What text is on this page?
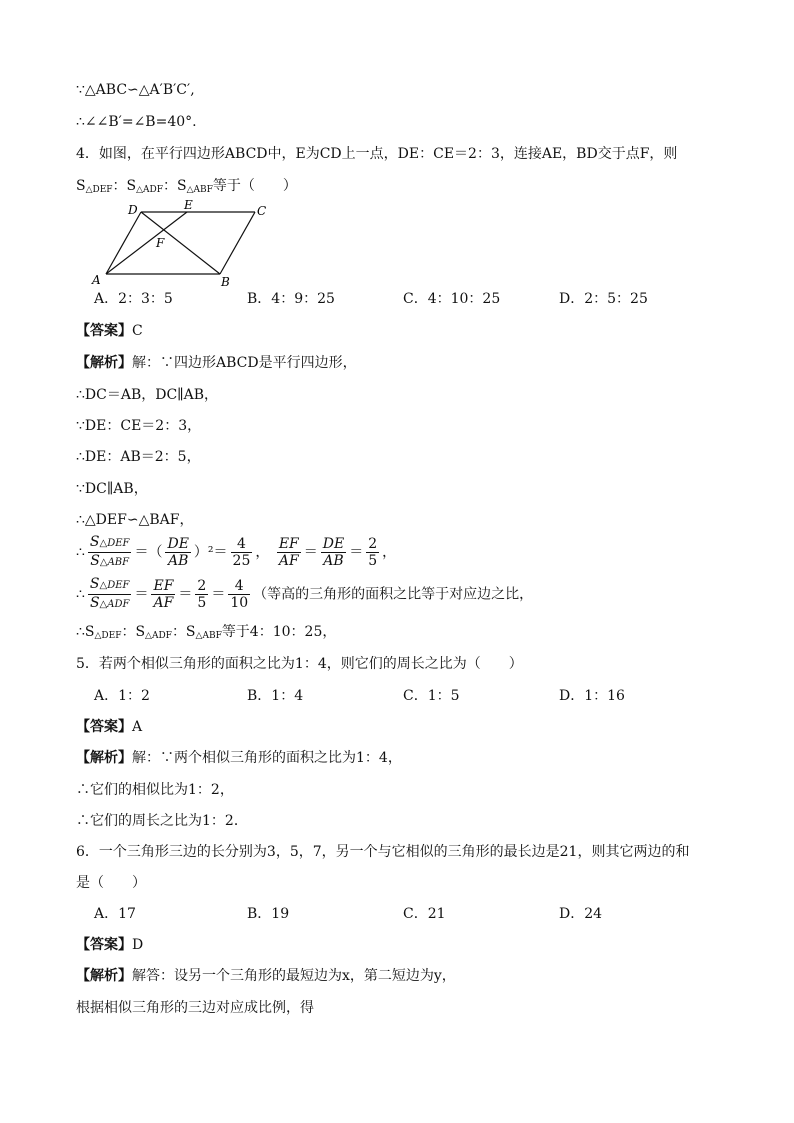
∵△ABC∽△A′B′C′,
∴∠∠B′=∠B=40°.
4．如图，在平行四边形ABCD中，E为CD上一点，DE：CE＝2：3，连接AE，BD交于点F，则
$S_{\triangle DEF}$：$S_{\triangle ADF}$：$S_{\triangle ABF}$等于（　　）
A	B
C
D	E
F
A．2：3：5	B．4：9：25	C．4：10：25	D．2：5：25
【答案】C
【解析】解：∵四边形ABCD是平行四边形，
∴DC＝AB，DC∥AB，
∵DE：CE＝2：3，
∴DE：AB＝2：5，
∵DC∥AB，
∴△DEF∽△BAF，
∴ $\frac{\text{S△DEF}}{\text{S△ABF}}$ ＝（ $\frac{DE}{AB} )^2= \frac{4}{25}$ ， $\frac{EF}{AF} = \frac{DE}{AB} = \frac{2}{5}$ ，
∴ $\frac{\text{S△DEF}}{\text{S△ADF}} = \frac{EF}{AF} = \frac{2}{5} = \frac{4}{10}$ （等高的三角形的面积之比等于对应边之比，
$\therefore S_{\triangle DEF}$：$S_{\triangle ADF}$：$S_{\triangle ABF}$等于4：10：25，
5．若两个相似三角形的面积之比为1：4，则它们的周长之比为（　　）
A．1：2	B．1：4	C．1：5	D．1：16
【答案】A
【解析】解：∵两个相似三角形的面积之比为1：4，
∴它们的相似比为1：2，
∴它们的周长之比为1：2．
6．一个三角形三边的长分别为3，5，7，另一个与它相似的三角形的最长边是21，则其它两边的和
是（　　）
A．17	B．19	C．21	D．24
【答案】D
【解析】解答：设另一个三角形的最短边为x，第二短边为y，
根据相似三角形的三边对应成比例，得
